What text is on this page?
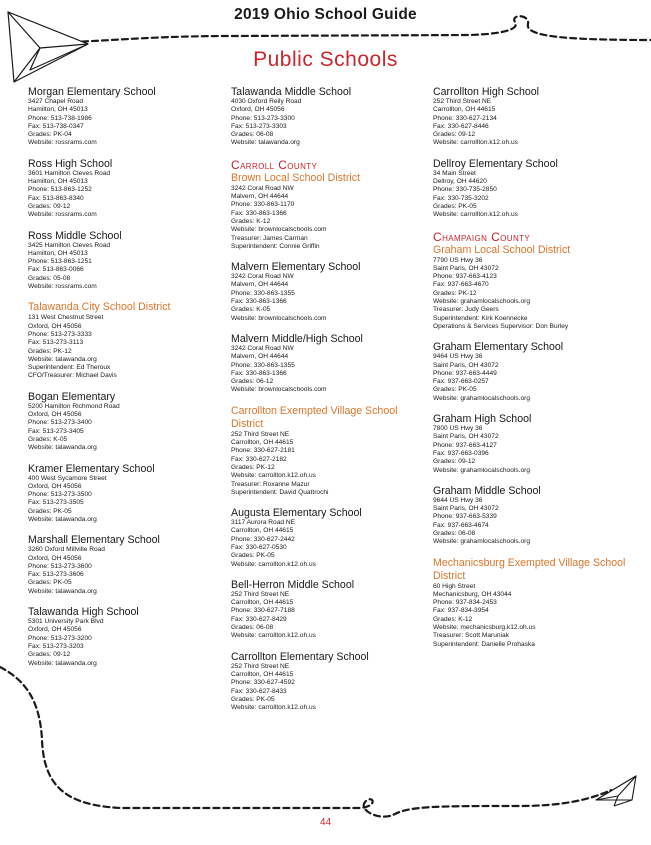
2019 Ohio School Guide
Public Schools
Morgan Elementary School
3427 Chapel Road
Hamilton, OH 45013
Phone: 513-738-1986
Fax: 513-738-0347
Grades: PK-04
Website: rossrams.com
Ross High School
3601 Hamilton Cleves Road
Hamilton, OH 45013
Phone: 513-863-1252
Fax: 513-863-8340
Grades: 09-12
Website: rossrams.com
Ross Middle School
3425 Hamilton Cleves Road
Hamilton, OH 45013
Phone: 513-863-1251
Fax: 513-863-0066
Grades: 05-08
Website: rossrams.com
Talawanda City School District
131 West Chestnut Street
Oxford, OH 45056
Phone: 513-273-3333
Fax: 513-273-3113
Grades: PK-12
Website: talawanda.org
Superintendent: Ed Theroux
CFO/Treasurer: Michael Davis
Bogan Elementary
5200 Hamilton Richmond Road
Oxford, OH 45056
Phone: 513-273-3400
Fax: 513-273-3405
Grades: K-05
Website: talawanda.org
Kramer Elementary School
400 West Sycamore Street
Oxford, OH 45056
Phone: 513-273-3500
Fax: 513-273-3505
Grades: PK-05
Website: talawanda.org
Marshall Elementary School
3260 Oxford Millville Road
Oxford, OH 45056
Phone: 513-273-3600
Fax: 513-273-3606
Grades: PK-05
Website: talawanda.org
Talawanda High School
5301 University Park Blvd
Oxford, OH 45056
Phone: 513-273-3200
Fax: 513-273-3203
Grades: 09-12
Website: talawanda.org
Talawanda Middle School
4030 Oxford Reily Road
Oxford, OH 45056
Phone: 513-273-3300
Fax: 513-273-3303
Grades: 06-08
Website: talawanda.org
Carroll County
Brown Local School District
3242 Coral Road NW
Malvern, OH 44644
Phone: 330-863-1170
Fax: 330-863-1366
Grades: K-12
Website: brownlocalschools.com
Treasurer: James Carman
Superintendent: Connie Griffin
Malvern Elementary School
3242 Coral Road NW
Malvern, OH 44644
Phone: 330-863-1355
Fax: 330-863-1366
Grades: K-05
Website: brownlocalschools.com
Malvern Middle/High School
3242 Coral Road NW
Malvern, OH 44644
Phone: 330-863-1355
Fax: 330-863-1366
Grades: 06-12
Website: brownlocalschools.com
Carrollton Exempted Village School District
252 Third Street NE
Carrollton, OH 44615
Phone: 330-627-2181
Fax: 330-627-2182
Grades: PK-12
Website: carrollton.k12.oh.us
Treasurer: Roxanne Mazur
Superintendent: David Quattrochi
Augusta Elementary School
3117 Aurora Road NE
Carrollton, OH 44615
Phone: 330-627-2442
Fax: 330-627-0530
Grades: PK-05
Website: carrollton.k12.oh.us
Bell-Herron Middle School
252 Third Street NE
Carrollton, OH 44615
Phone: 330-627-7188
Fax: 330-627-8429
Grades: 06-08
Website: carrollton.k12.oh.us
Carrollton Elementary School
252 Third Street NE
Carrollton, OH 44615
Phone: 330-627-4592
Fax: 330-627-8433
Grades: PK-05
Website: carrollton.k12.oh.us
Carrollton High School
252 Third Street NE
Carrollton, OH 44615
Phone: 330-627-2134
Fax: 330-627-8446
Grades: 09-12
Website: carrollton.k12.oh.us
Dellroy Elementary School
34 Main Street
Dellroy, OH 44620
Phone: 330-735-2850
Fax: 330-735-3202
Grades: PK-05
Website: carrollton.k12.oh.us
Champaign County
Graham Local School District
7790 US Hwy 36
Saint Paris, OH 43072
Phone: 937-663-4123
Fax: 937-663-4670
Grades: PK-12
Website: grahamlocalschools.org
Treasurer: Judy Geers
Superintendent: Kirk Koennecke
Operations & Services Supervisor: Don Burley
Graham Elementary School
9464 US Hwy 36
Saint Paris, OH 43072
Phone: 937-663-4449
Fax: 937-663-0257
Grades: PK-05
Website: grahamlocalschools.org
Graham High School
7800 US Hwy 36
Saint Paris, OH 43072
Phone: 937-663-4127
Fax: 937-663-0396
Grades: 09-12
Website: grahamlocalschools.org
Graham Middle School
9644 US Hwy 36
Saint Paris, OH 43072
Phone: 937-663-5339
Fax: 937-663-4674
Grades: 06-08
Website: grahamlocalschools.org
Mechanicsburg Exempted Village School District
60 High Street
Mechanicsburg, OH 43044
Phone: 937-834-2453
Fax: 937-834-3954
Grades: K-12
Website: mechanicsburg.k12.oh.us
Treasurer: Scott Maruniak
Superintendent: Danielle Prohaska
44
